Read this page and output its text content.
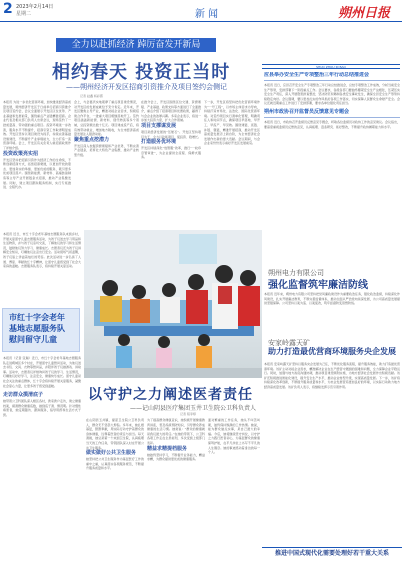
2 2023年2月14日
星期二	新闻	朔州日报
SHUO ZHOU RI BAO
全力以赴抓经济 踔厉奋发开新局
相约春天 投资正当时
——朔州经济开发区招商引资推介及项目签约会侧记
记者 赵鑫 杨彩霞
本报讯 为进一步优化营商环境，加快推进经济高质量发展，朔州经济开发区于日前举行招商引资推介及项目签约会，会议全面展示开发区区位优势、产业基础和发展前景，围绕重点产业链精准招商。企业代表及相关部门负责人出席会议，现场签约了一批质量高、带动强的重点项目。投资环境进一步改善，服务水平不断提升，招商引资工作取得明显成效。开发区坚持以项目建设为抓手，持续完善基础设施建设，不断提升产业承载能力，全力打造一流营商环境。会上，开发区有关负责人就招商政策作了详细介绍。
投资政策亮实招
开发区坚持把招商引资作为经济工作的生命线，不断创新招商方式，拓宽招商渠道，以更加开放的姿态、更加务实的举措、更加优质的服务，吸引更多优质项目落户。围绕新能源、新材料、高端装备制造等主导产业开展链条式招商，推动产业集聚发展。同时，建立项目跟踪服务机制，实行专班推进、全程代办。
会上，与会嘉宾实地观摩了重点项目建设情况，对开发区的发展成就给予充分肯定。近年来，开发区聚焦主导产业，精准对接企业需求，积极搭建合作平台，一批重大项目相继落地开工。签约项目涵盖新能源、新材料、现代物流等多个领域，总投资额达数十亿元。项目建成投产后，将有效带动就业，增加地方税收，为全市经济高质量发展注入强劲动能。
聚焦重点挖潜力
开发区深入挖掘资源禀赋和产业优势，不断完善产业链条，培育壮大特色产业集群，推动产业转型升级。
在推介会上，开发区围绕区位交通、资源禀赋、产业基础、政策支持等方面进行了全面推介，重点介绍了招商项目和优惠政策，赢得了与会企业的浓厚兴趣。多家企业表示，将进一步加大投资力度，扩大合作领域。
项目支撑谋发展
项目是经济发展的“压舱石”。开发区坚持项目为王，全力以赴抓项目、促投资、稳增长。
打造服务优环境
开发区持续深化“放管服”改革，推行“一枚印章管审批”，为企业提供全流程、保姆式服务。
下一步，开发区将坚持把优化营商环境作为“一号工程”，以市场主体需求为导向，持续打造市场化、法治化、国际化营商环境。对签约项目实行清单化管理，明确责任人和时间节点，确保项目早落地、早开工、早投产、早见效。围绕建链、延链、补链、强链，精准开展招商，推动开发区高质量发展迈上新台阶，为全市经济社会发展作出新的更大贡献。会议期间，与会企业家纷纷表示看好开发区发展前景。
本报讯 近日，市红十字会老年基地志愿服务队来到乡村，开展关爱留守儿童志愿服务活动，为孩子们送去学习用品和生活物资，并与孩子们亲切交流，了解他们的学习和生活情况，鼓励他们努力学习、健康成长。志愿者们还为孩子们讲解安全知识，叮嘱他们注意出行安全。活动现场气氛温馨，孩子们脸上洋溢着灿烂的笑容。此次活动进一步弘扬了人道、博爱、奉献的红十字精神，让留守儿童感受到了社会大家庭的温暖。志愿服务队表示，将持续开展关爱活动。
市红十字会老年
基地志愿服务队
慰问留守儿童
本报讯（记者 张瑞）近日，市红十字会老年基地志愿服务队走进朔城区多个村庄，开展留守儿童慰问活动，为他们送去书包、文具、衣物等慰问品，并陪伴孩子们做游戏、讲故事。活动中，志愿者们详细询问孩子们的学习、生活情况，叮嘱他们好好学习，注意安全，健康快乐成长。留守儿童是社会关注的重点群体，红十字会将持续开展关爱服务，凝聚社会爱心力量，让更多孩子感受到温暖。
走访群众摸清底子
她带领公卫科团队深入辖区各村，挨家挨户走访，建立健康档案，摸清群众健康底数，做到底子清、情况明。针对慢性病患者，她定期随访、跟踪服务，指导用药和生活方式干预。
以守护之力阐述医者责任
——记山阴县医疗集团玉井卫生院公卫科负责人
记者 程李婷
在山阴县玉井镇，提起卫生院公卫科负责人，群众无不竖起大拇指。多年来，她扎根基层，默默奉献，用实际行动守护着群众的身体健康，诠释着医者的责任与担当。每天清晨，她总是第一个来到卫生院，认真梳理当天的工作任务，带领团队深入村庄开展公共卫生服务。
做实做好公共卫生服务
她坚持把公共卫生服务作为基层医疗工作的重中之重，认真落实各项服务规范，不断提升服务质量和水平。
为了提高群众健康意识，她积极开展健康教育讲座，普及疾病预防知识，引导群众养成健康的生活习惯。她常说：“群众的健康就是我们最大的责任。”在她的带领下，公卫科各项工作走在全县前列，多次受到上级部门表彰。
精益求精提档服务
她始终坚持学习，不断提升业务能力，精益求精，为群众提供更优质的健康服务。
面对繁重的工作任务，她从不叫苦叫累，始终保持饱满的工作热情。她说，能为群众做点实事，是自己最大的幸福。今后，她将继续坚守岗位，以守护之力践行医者初心，为基层群众的健康保驾护航，在平凡岗位上书写不平凡的人生篇章。她的事迹感动着身边的每一个人。
应县举办安全生产专项整治三年行动总结推进会
本报讯 近日，应县召开安全生产专项整治三年行动总结推进会，总结专项整治工作成效，分析当前安全生产形势，安排部署下一阶段重点工作。会议要求，各级各部门要始终绷紧安全生产这根弦，压紧压实安全生产责任，深入开展隐患排查整治，坚决防范和遏制各类安全事故发生，确保全县安全生产形势持续稳定向好。会议强调，要以更加扎实的作风抓好各项工作落实，切实保障人民群众生命财产安全。会议还就近期重点工作进行了安排部署，要求各单位强化责任担当。
朔州市政协召开监督员反馈意见专题会
本报讯 近日，市政协召开监督员反馈意见专题会，听取各位监督员对政协工作的意见建议。会议指出，要高度重视监督员反馈的意见，认真梳理、逐条研究、抓好整改，不断提升政协履职能力和水平。
朔州电力有限公司
强化监督筑牢廉洁防线
本报讯 近年来，朔州电力有限公司坚持把党风廉政建设作为重要政治任务，强化政治监督，持续深化作风建设，扎实开展廉洁教育，不断完善监督体系，推动全面从严治党向纵深发展，为公司高质量发展提供坚强保障。公司坚持以案为鉴、以案促改，筑牢拒腐防变思想防线。
安家岭露天矿
助力打造最优营商环境服务央企发展
本报讯 安家岭露天矿坚持以服务央企发展为己任，不断优化服务流程，提升服务效能，助力打造最优营商环境。该矿主动对接企业需求，精准解决企业在生产经营中遇到的困难和问题，全力保障企业平稳运行。同时，加强与地方政府沟通协调，推动项目建设顺利实施，为地方经济社会发展作出积极贡献。该矿还积极推进智能化建设，提升安全生产水平，推动企业转型升级，实现高质量发展。下一步，该矿将持续深化改革创新，不断提升服务质量和水平，为央企发展营造更加良好的环境，以实际行动助力地方经济高质量发展。该矿负责人表示，将继续发挥示范引领作用。
推进中国式现代化需要处理好若干重大关系
